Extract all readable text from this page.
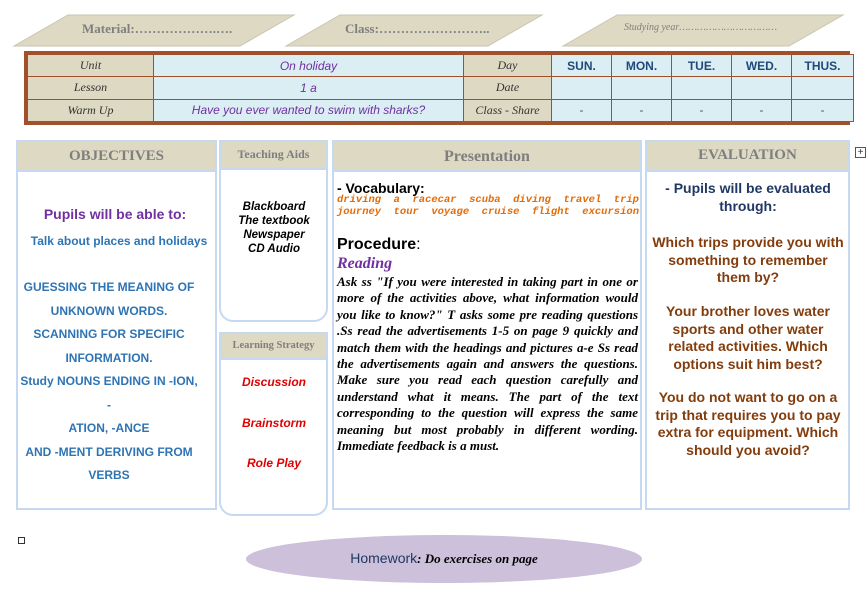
Material:……………….….	Class:……………………..	Studying year……………………………
Unit	On holiday	Day	SUN.	MON.	TUE.	WED.	THUS.
Lesson	1 a	Date					
Warm Up	Have you ever wanted to swim with sharks?	Class - Share	-	-	-	-	-
+
OBJECTIVES
Pupils will be able to:
Talk about places and holidays
GUESSING THE MEANING OF
UNKNOWN WORDS.
SCANNING FOR SPECIFIC
INFORMATION.
Study NOUNS ENDING IN -ION, -
ATION, -ANCE
AND -MENT DERIVING FROM
VERBS
Teaching Aids
Blackboard
The textbook
Newspaper
CD Audio
Learning Strategy
Discussion
Brainstorm
Role Play
Presentation
- Vocabulary:
driving a racecar scuba diving travel trip journey tour voyage cruise flight excursion
Procedure:
Reading
Ask ss "If you were interested in taking part in one or more of the activities above, what information would you like to know?" T asks some pre reading questions .Ss read the advertisements 1-5 on page 9 quickly and match them with the headings and pictures a-e Ss read the advertisements again and answers the questions. Make sure you read each question carefully and understand what it means. The part of the text corresponding to the question will express the same meaning but most probably in different wording. Immediate feedback is a must.
EVALUATION
- Pupils will be evaluated through:
Which trips provide you with something to remember them by?
Your brother loves water sports and other water related activities. Which options suit him best?
You do not want to go on a trip that requires you to pay extra for equipment. Which should you avoid?
Homework: Do exercises on page
